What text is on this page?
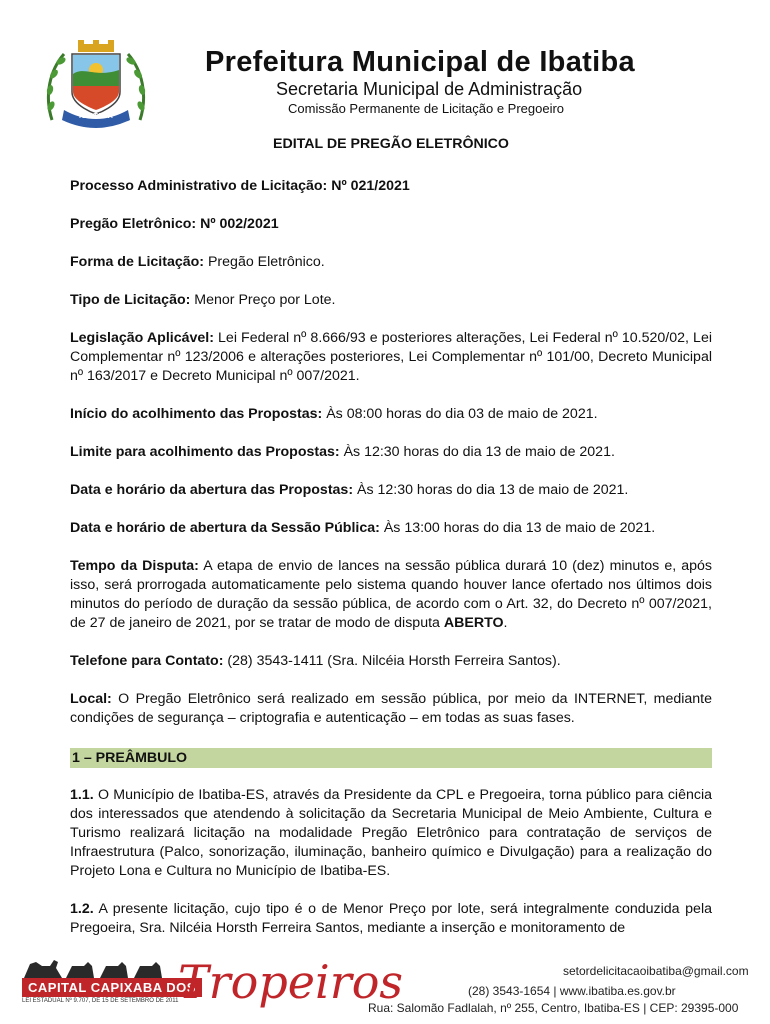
IBATIBA
Prefeitura Municipal de Ibatiba
Secretaria Municipal de Administração
Comissão Permanente de Licitação e Pregoeiro

EDITAL DE PREGÃO ELETRÔNICO

Processo Administrativo de Licitação: Nº 021/2021

Pregão Eletrônico: Nº 002/2021

Forma de Licitação: Pregão Eletrônico.

Tipo de Licitação: Menor Preço por Lote.

Legislação Aplicável: Lei Federal nº 8.666/93 e posteriores alterações, Lei Federal nº 10.520/02, Lei Complementar nº 123/2006 e alterações posteriores, Lei Complementar nº 101/00, Decreto Municipal nº 163/2017 e Decreto Municipal nº 007/2021.

Início do acolhimento das Propostas: Às 08:00 horas do dia 03 de maio de 2021.

Limite para acolhimento das Propostas: Às 12:30 horas do dia 13 de maio de 2021.

Data e horário da abertura das Propostas: Às 12:30 horas do dia 13 de maio de 2021.

Data e horário de abertura da Sessão Pública: Às 13:00 horas do dia 13 de maio de 2021.

Tempo da Disputa: A etapa de envio de lances na sessão pública durará 10 (dez) minutos e, após isso, será prorrogada automaticamente pelo sistema quando houver lance ofertado nos últimos dois minutos do período de duração da sessão pública, de acordo com o Art. 32, do Decreto nº 007/2021, de 27 de janeiro de 2021, por se tratar de modo de disputa ABERTO.

Telefone para Contato: (28) 3543-1411 (Sra. Nilcéia Horsth Ferreira Santos).

Local: O Pregão Eletrônico será realizado em sessão pública, por meio da INTERNET, mediante condições de segurança – criptografia e autenticação – em todas as suas fases.

1 – PREÂMBULO

1.1. O Município de Ibatiba-ES, através da Presidente da CPL e Pregoeira, torna público para ciência dos interessados que atendendo à solicitação da Secretaria Municipal de Meio Ambiente, Cultura e Turismo realizará licitação na modalidade Pregão Eletrônico para contratação de serviços de Infraestrutura (Palco, sonorização, iluminação, banheiro químico e Divulgação) para a realização do Projeto Lona e Cultura no Município de Ibatiba-ES.

1.2. A presente licitação, cujo tipo é o de Menor Preço por lote, será integralmente conduzida pela Pregoeira, Sra. Nilcéia Horsth Ferreira Santos, mediante a inserção e monitoramento de

CAPITAL CAPIXABA DOS
LEI ESTADUAL Nº 9.707, DE 15 DE SETEMBRO DE 2011 Tropeiros	setordelicitacaoibatiba@gmail.com
(28) 3543-1654 | www.ibatiba.es.gov.br
Rua: Salomão Fadlalah, nº 255, Centro, Ibatiba-ES | CEP: 29395-000
